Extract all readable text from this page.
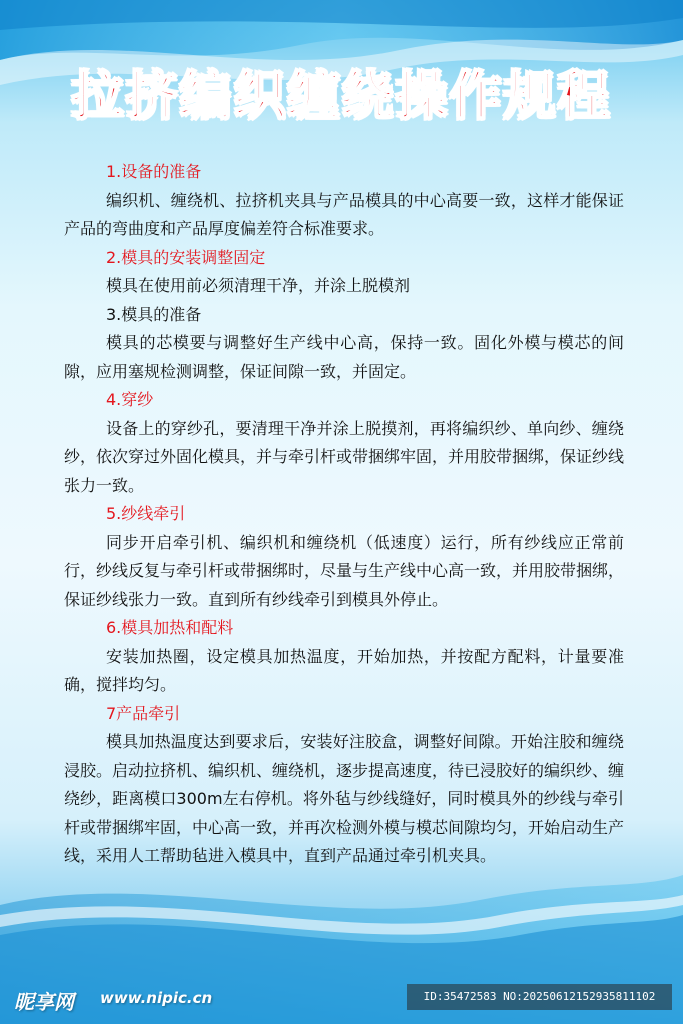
拉挤编织缠绕操作规程
1.设备的准备

编织机、缠绕机、拉挤机夹具与产品模具的中心高要一致，这样才能保证产品的弯曲度和产品厚度偏差符合标准要求。

2.模具的安装调整固定

模具在使用前必须清理干净，并涂上脱模剂

3.模具的准备

模具的芯模要与调整好生产线中心高，保持一致。固化外模与模芯的间隙，应用塞规检测调整，保证间隙一致，并固定。

4.穿纱

设备上的穿纱孔，要清理干净并涂上脱摸剂，再将编织纱、单向纱、缠绕纱，依次穿过外固化模具，并与牵引杆或带捆绑牢固，并用胶带捆绑，保证纱线张力一致。

5.纱线牵引

同步开启牵引机、编织机和缠绕机（低速度）运行，所有纱线应正常前行，纱线反复与牵引杆或带捆绑时，尽量与生产线中心高一致，并用胶带捆绑，保证纱线张力一致。直到所有纱线牵引到模具外停止。

6.模具加热和配料

安装加热圈，设定模具加热温度，开始加热，并按配方配料，计量要准确，搅拌均匀。

7产品牵引

模具加热温度达到要求后，安装好注胶盒，调整好间隙。开始注胶和缠绕浸胶。启动拉挤机、编织机、缠绕机，逐步提高速度，待已浸胶好的编织纱、缠绕纱，距离模口300m左右停机。将外毡与纱线缝好，同时模具外的纱线与牵引杆或带捆绑牢固，中心高一致，并再次检测外模与模芯间隙均匀，开始启动生产线，采用人工帮助毡进入模具中，直到产品通过牵引机夹具。

昵享网 www.nipic.cn	ID:35472583 NO:20250612152935811102
